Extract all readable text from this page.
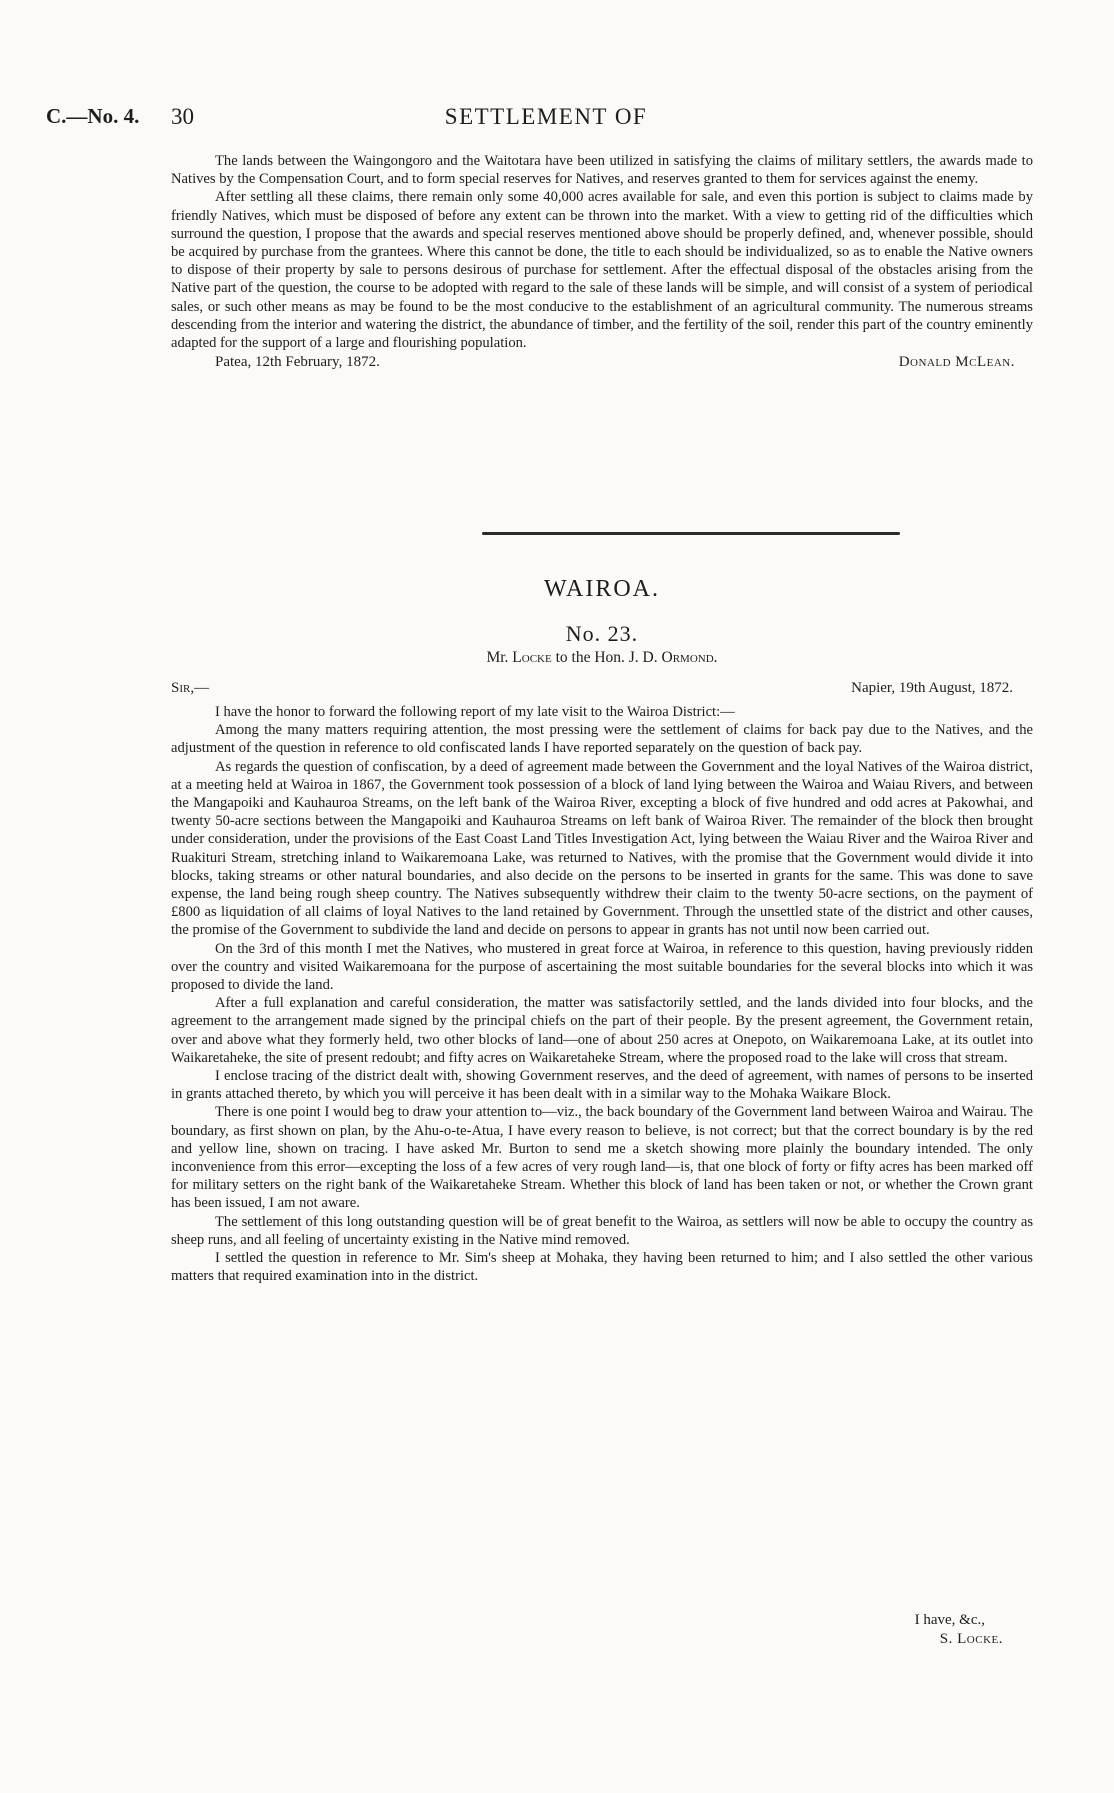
SETTLEMENT OF
C.—No. 4. 30

The lands between the Waingongoro and the Waitotara have been utilized in satisfying the claims of military settlers, the awards made to Natives by the Compensation Court, and to form special reserves for Natives, and reserves granted to them for services against the enemy.

After settling all these claims, there remain only some 40,000 acres available for sale, and even this portion is subject to claims made by friendly Natives, which must be disposed of before any extent can be thrown into the market. With a view to getting rid of the difficulties which surround the question, I propose that the awards and special reserves mentioned above should be properly defined, and, whenever possible, should be acquired by purchase from the grantees. Where this cannot be done, the title to each should be individualized, so as to enable the Native owners to dispose of their property by sale to persons desirous of purchase for settlement. After the effectual disposal of the obstacles arising from the Native part of the question, the course to be adopted with regard to the sale of these lands will be simple, and will consist of a system of periodical sales, or such other means as may be found to be the most conducive to the establishment of an agricultural community. The numerous streams descending from the interior and watering the district, the abundance of timber, and the fertility of the soil, render this part of the country eminently adapted for the support of a large and flourishing population.

Patea, 12th February, 1872.	Donald McLean.
WAIROA.
No. 23.
Mr. Locke to the Hon. J. D. Ormond.
Sir,—	Napier, 19th August, 1872.

I have the honor to forward the following report of my late visit to the Wairoa District:—

Among the many matters requiring attention, the most pressing were the settlement of claims for back pay due to the Natives, and the adjustment of the question in reference to old confiscated lands I have reported separately on the question of back pay.

As regards the question of confiscation, by a deed of agreement made between the Government and the loyal Natives of the Wairoa district, at a meeting held at Wairoa in 1867, the Government took possession of a block of land lying between the Wairoa and Waiau Rivers, and between the Mangapoiki and Kauhauroa Streams, on the left bank of the Wairoa River, excepting a block of five hundred and odd acres at Pakowhai, and twenty 50-acre sections between the Mangapoiki and Kauhauroa Streams on left bank of Wairoa River. The remainder of the block then brought under consideration, under the provisions of the East Coast Land Titles Investigation Act, lying between the Waiau River and the Wairoa River and Ruakituri Stream, stretching inland to Waikaremoana Lake, was returned to Natives, with the promise that the Government would divide it into blocks, taking streams or other natural boundaries, and also decide on the persons to be inserted in grants for the same. This was done to save expense, the land being rough sheep country. The Natives subsequently withdrew their claim to the twenty 50-acre sections, on the payment of £800 as liquidation of all claims of loyal Natives to the land retained by Government. Through the unsettled state of the district and other causes, the promise of the Government to subdivide the land and decide on persons to appear in grants has not until now been carried out.

On the 3rd of this month I met the Natives, who mustered in great force at Wairoa, in reference to this question, having previously ridden over the country and visited Waikaremoana for the purpose of ascertaining the most suitable boundaries for the several blocks into which it was proposed to divide the land.

After a full explanation and careful consideration, the matter was satisfactorily settled, and the lands divided into four blocks, and the agreement to the arrangement made signed by the principal chiefs on the part of their people. By the present agreement, the Government retain, over and above what they formerly held, two other blocks of land—one of about 250 acres at Onepoto, on Waikaremoana Lake, at its outlet into Waikaretaheke, the site of present redoubt; and fifty acres on Waikaretaheke Stream, where the proposed road to the lake will cross that stream.

I enclose tracing of the district dealt with, showing Government reserves, and the deed of agreement, with names of persons to be inserted in grants attached thereto, by which you will perceive it has been dealt with in a similar way to the Mohaka Waikare Block.

There is one point I would beg to draw your attention to—viz., the back boundary of the Government land between Wairoa and Wairau. The boundary, as first shown on plan, by the Ahu-o-te-Atua, I have every reason to believe, is not correct; but that the correct boundary is by the red and yellow line, shown on tracing. I have asked Mr. Burton to send me a sketch showing more plainly the boundary intended. The only inconvenience from this error—excepting the loss of a few acres of very rough land—is, that one block of forty or fifty acres has been marked off for military setters on the right bank of the Waikaretaheke Stream. Whether this block of land has been taken or not, or whether the Crown grant has been issued, I am not aware.

The settlement of this long outstanding question will be of great benefit to the Wairoa, as settlers will now be able to occupy the country as sheep runs, and all feeling of uncertainty existing in the Native mind removed.

I settled the question in reference to Mr. Sim's sheep at Mohaka, they having been returned to him; and I also settled the other various matters that required examination into in the district.

I have, &c.,
S. Locke.
